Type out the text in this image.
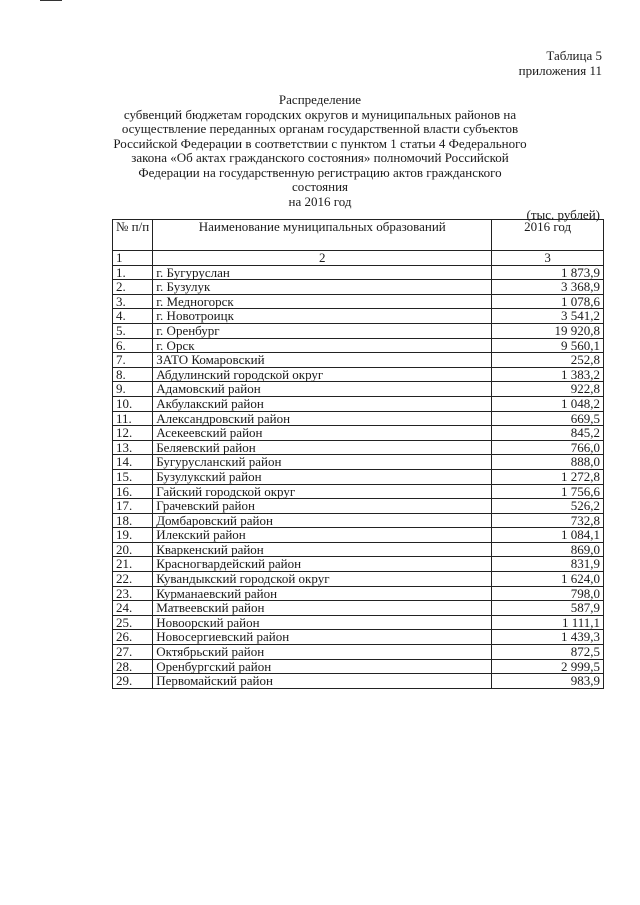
Таблица 5
приложения 11
Распределение
субвенций бюджетам городских округов и муниципальных районов на
осуществление переданных органам государственной власти субъектов
Российской Федерации в соответствии с пунктом 1 статьи 4 Федерального
закона «Об актах гражданского состояния» полномочий Российской
Федерации на государственную регистрацию актов гражданского состояния
на 2016 год
(тыс. рублей)
№ п/п	Наименование муниципальных образований	2016 год
1	2	3
1.	г. Бугуруслан	1 873,9
2.	г. Бузулук	3 368,9
3.	г. Медногорск	1 078,6
4.	г. Новотроицк	3 541,2
5.	г. Оренбург	19 920,8
6.	г. Орск	9 560,1
7.	ЗАТО Комаровский	252,8
8.	Абдулинский городской округ	1 383,2
9.	Адамовский район	922,8
10.	Акбулакский район	1 048,2
11.	Александровский район	669,5
12.	Асекеевский район	845,2
13.	Беляевский район	766,0
14.	Бугурусланский район	888,0
15.	Бузулукский район	1 272,8
16.	Гайский городской округ	1 756,6
17.	Грачевский район	526,2
18.	Домбаровский район	732,8
19.	Илекский район	1 084,1
20.	Кваркенский район	869,0
21.	Красногвардейский район	831,9
22.	Кувандыкский городской округ	1 624,0
23.	Курманаевский район	798,0
24.	Матвеевский район	587,9
25.	Новоорский район	1 111,1
26.	Новосергиевский район	1 439,3
27.	Октябрьский район	872,5
28.	Оренбургский район	2 999,5
29.	Первомайский район	983,9
